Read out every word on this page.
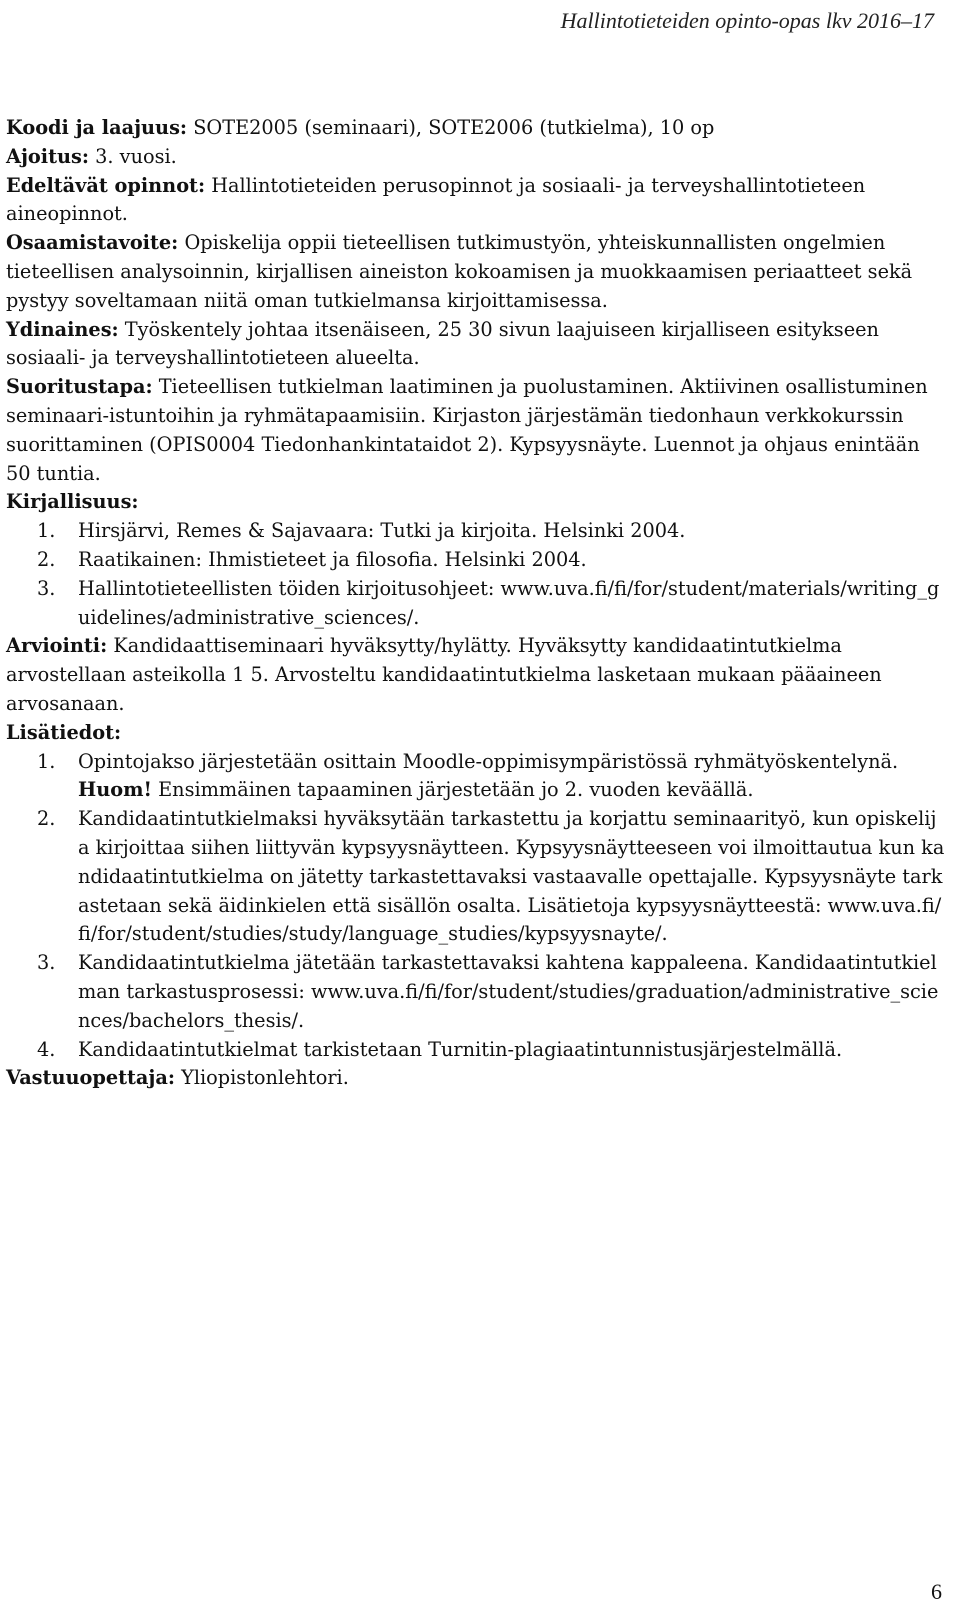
Hallintotieteiden opinto-opas lkv 2016–17

Koodi ja laajuus: SOTE2005 (seminaari), SOTE2006 (tutkielma), 10 op

Ajoitus: 3. vuosi.

Edeltävät opinnot: Hallintotieteiden perusopinnot ja sosiaali- ja terveyshallintotieteen aineopinnot.

Osaamistavoite: Opiskelija oppii tieteellisen tutkimustyön, yhteiskunnallisten ongelmien tieteellisen analysoinnin, kirjallisen aineiston kokoamisen ja muokkaamisen periaatteet sekä pystyy soveltamaan niitä oman tutkielmansa kirjoittamisessa.

Ydinaines: Työskentely johtaa itsenäiseen, 25 30 sivun laajuiseen kirjalliseen esitykseen sosiaali- ja terveyshallintotieteen alueelta.

Suoritustapa: Tieteellisen tutkielman laatiminen ja puolustaminen. Aktiivinen osallistuminen seminaari-istuntoihin ja ryhmätapaamisiin. Kirjaston järjestämän tiedonhaun verkkokurssin suorittaminen (OPIS0004 Tiedonhankintataidot 2). Kypsyysnäyte. Luennot ja ohjaus enintään 50 tuntia.

Kirjallisuus:

1.	Hirsjärvi, Remes & Sajavaara: Tutki ja kirjoita. Helsinki 2004.
2.	Raatikainen: Ihmistieteet ja filosofia. Helsinki 2004.
3.	Hallintotieteellisten töiden kirjoitusohjeet: www.uva.fi/fi/for/student/materials/writing_guidelines/administrative_sciences/.

Arviointi: Kandidaattiseminaari hyväksytty/hylätty. Hyväksytty kandidaatintutkielma arvostellaan asteikolla 1 5. Arvosteltu kandidaatintutkielma lasketaan mukaan pääaineen arvosanaan.

Lisätiedot:

1.	Opintojakso järjestetään osittain Moodle-oppimisympäristössä ryhmätyöskentelynä. Huom! Ensimmäinen tapaaminen järjestetään jo 2. vuoden keväällä.
2.	Kandidaatintutkielmaksi hyväksytään tarkastettu ja korjattu seminaarityö, kun opiskelija kirjoittaa siihen liittyvän kypsyysnäytteen. Kypsyysnäytteeseen voi ilmoittautua kun kandidaatintutkielma on jätetty tarkastettavaksi vastaavalle opettajalle. Kypsyysnäyte tarkastetaan sekä äidinkielen että sisällön osalta. Lisätietoja kypsyysnäytteestä: www.uva.fi/fi/for/student/studies/study/language_studies/kypsyysnayte/.
3.	Kandidaatintutkielma jätetään tarkastettavaksi kahtena kappaleena. Kandidaatintutkielman tarkastusprosessi: www.uva.fi/fi/for/student/studies/graduation/administrative_sciences/bachelors_thesis/.
4.	Kandidaatintutkielmat tarkistetaan Turnitin-plagiaatintunnistusjärjestelmällä.

Vastuuopettaja: Yliopistonlehtori.

6
